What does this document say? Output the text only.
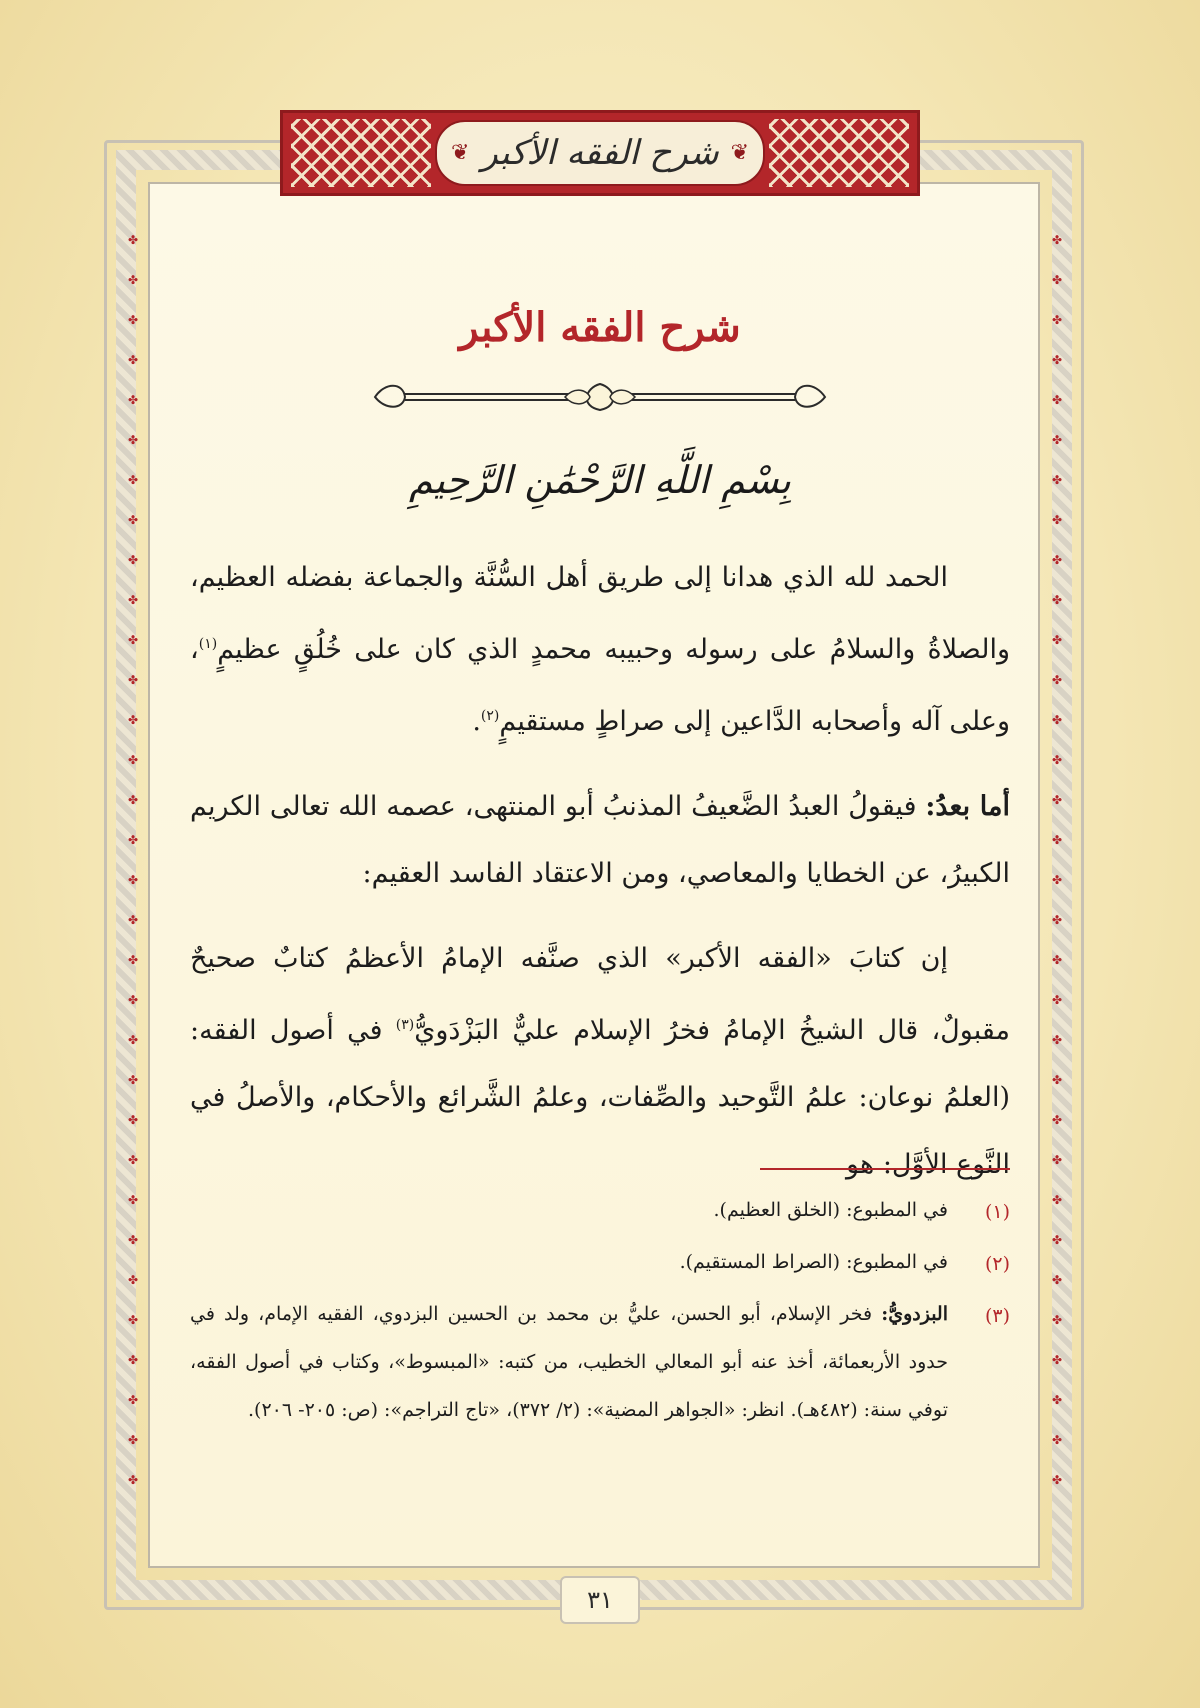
✤
✤
✤
✤
✤
✤
✤
✤
✤
✤
✤
✤
✤
✤
✤
✤
✤
✤
✤
✤
✤
✤
✤
✤
✤
✤
✤
✤
✤
✤
✤
✤
✤
✤
✤
✤
✤
✤
✤
✤
✤
✤
✤
✤
✤
✤
✤
✤
✤
✤
✤
✤
✤
✤
✤
✤
✤
✤
✤
✤
✤
✤
✤
✤
❦ شرح الفقه الأكبر ❦
شرح الفقه الأكبر
بِسْمِ اللَّهِ الرَّحْمَٰنِ الرَّحِيمِ

الحمد لله الذي هدانا إلى طريق أهل السُّنَّة والجماعة بفضله العظيم، والصلاةُ والسلامُ على رسوله وحبيبه محمدٍ الذي كان على خُلُقٍ عظيمٍ$^{(١)}$، وعلى آله وأصحابه الدَّاعين إلى صراطٍ مستقيمٍ$^{(٢)}$.

أما بعدُ: فيقولُ العبدُ الضَّعيفُ المذنبُ أبو المنتهى، عصمه الله تعالى الكريم الكبيرُ، عن الخطايا والمعاصي، ومن الاعتقاد الفاسد العقيم:

إن كتابَ «الفقه الأكبر» الذي صنَّفه الإمامُ الأعظمُ كتابٌ صحيحٌ مقبولٌ، قال الشيخُ الإمامُ فخرُ الإسلام عليٌّ البَزْدَويُّ$^{(٣)}$ في أصول الفقه: (العلمُ نوعان: علمُ التَّوحيد والصِّفات، وعلمُ الشَّرائع والأحكام، والأصلُ في النَّوع الأوَّل: هو

(١)
في المطبوع: (الخلق العظيم).
(٢)
في المطبوع: (الصراط المستقيم).
(٣)
البزدويُّ: فخر الإسلام، أبو الحسن، عليُّ بن محمد بن الحسين البزدوي، الفقيه الإمام، ولد في حدود الأربعمائة، أخذ عنه أبو المعالي الخطيب، من كتبه: «المبسوط»، وكتاب في أصول الفقه، توفي سنة: (٤٨٢هـ). انظر: «الجواهر المضية»: (٢/ ٣٧٢)، «تاج التراجم»: (ص: ٢٠٥- ٢٠٦).
٣١
